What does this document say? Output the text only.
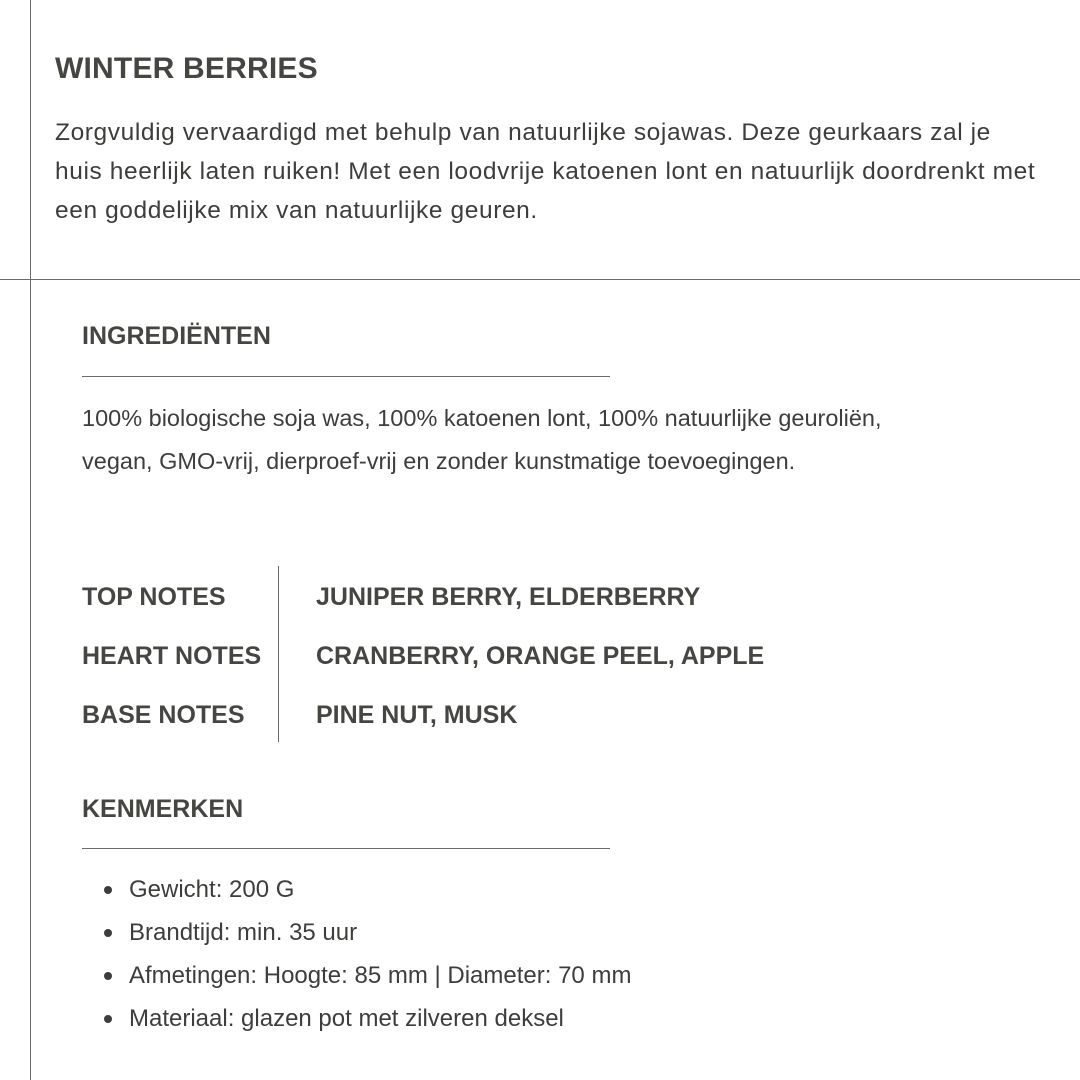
WINTER BERRIES

Zorgvuldig vervaardigd met behulp van natuurlijke sojawas. Deze geurkaars zal je huis heerlijk laten ruiken! Met een loodvrije katoenen lont en natuurlijk doordrenkt met een goddelijke mix van natuurlijke geuren.

INGREDIËNTEN

100% biologische soja was, 100% katoenen lont, 100% natuurlijke geuroliën, vegan, GMO-vrij, dierproef-vrij en zonder kunstmatige toevoegingen.

TOP NOTES	JUNIPER BERRY, ELDERBERRY
HEART NOTES CRANBERRY, ORANGE PEEL, APPLE
BASE NOTES	PINE NUT, MUSK
KENMERKEN
Gewicht: 200 G
Brandtijd: min. 35 uur
Afmetingen: Hoogte: 85 mm | Diameter: 70 mm
Materiaal: glazen pot met zilveren deksel
